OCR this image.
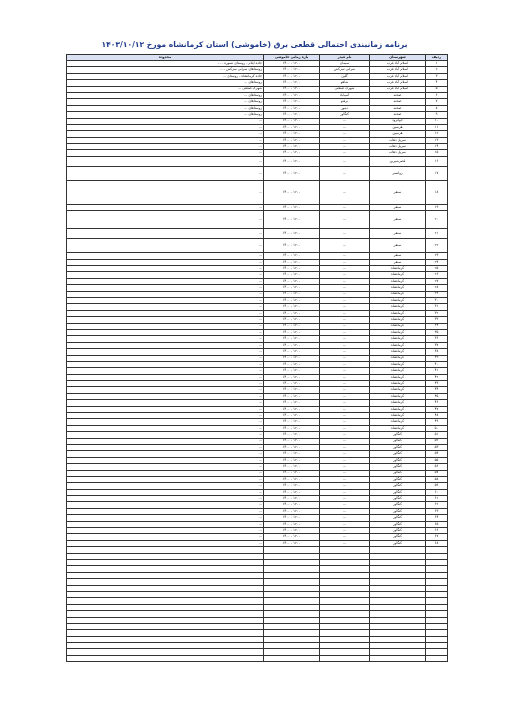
برنامه زمانبندی احتمالی قطعی برق (خاموشی) استان کرمانشاه مورخ ۱۴۰۳/۱۰/۱۲
ردیف	شهرستان	نام فیدر	بازه زمانی خاموشی	محدوده
۱	اسلام آباد غرب	سیمان	۱۴۰۰ - ۱۲۰۰	جاده ایلام - روستای نسوره - ...
۲	اسلام آباد غرب	سرابی سرکش	۱۴۰۰ - ۱۲۰۰	روستاهای سرابی سرکش - ...
۳	اسلام آباد غرب	گلین	۱۴۰۰ - ۱۲۰۰	جاده کرمانشاه - روستای ...
۴	اسلام آباد غرب	شاهو	۱۴۰۰ - ۱۲۰۰	روستاهای ...
۵	اسلام آباد غرب	شهرک صنعتی	۱۴۰۰ - ۱۲۰۰	شهرک صنعتی ...
۶	صحنه	آسیاباد	۱۴۰۰ - ۱۲۰۰	روستاهای ...
۷	صحنه	برفتو	۱۴۰۰ - ۱۲۰۰	روستاهای ...
۸	صحنه	دینور	۱۴۰۰ - ۱۲۰۰	روستاهای ...
۹	صحنه	کنگاور	۱۴۰۰ - ۱۲۰۰	روستاهای ...
۱۰	جوانرود	...	۱۴۰۰ - ۱۲۰۰	...
۱۱	هرسین	...	۱۴۰۰ - ۱۲۰۰	...
۱۲	هرسین	...	۱۴۰۰ - ۱۲۰۰	...
۱۳	سرپل ذهاب	...	۱۴۰۰ - ۱۲۰۰	...
۱۴	سرپل ذهاب	...	۱۴۰۰ - ۱۲۰۰	...
۱۵	سرپل ذهاب	...	۱۴۰۰ - ۱۲۰۰	...
۱۶	قصرشیرین	...	۱۴۰۰ - ۱۲۰۰	...
۱۷	روانسر	...	۱۴۰۰ - ۱۲۰۰	...
۱۸	سنقر	...	۱۴۰۰ - ۱۲۰۰	...
۱۹	سنقر	...	۱۴۰۰ - ۱۲۰۰	...
۲۰	سنقر	...	۱۴۰۰ - ۱۲۰۰	...
۲۱	سنقر	...	۱۴۰۰ - ۱۲۰۰	...
۲۲	سنقر	...	۱۴۰۰ - ۱۲۰۰	...
۲۳	سنقر	...	۱۴۰۰ - ۱۲۰۰	...
۲۴	سنقر	...	۱۴۰۰ - ۱۲۰۰	...
۲۵	کرمانشاه	...	۱۴۰۰ - ۱۲۰۰	...
۲۶	کرمانشاه	...	۱۴۰۰ - ۱۲۰۰	...
۲۷	کرمانشاه	...	۱۴۰۰ - ۱۲۰۰	...
۲۸	کرمانشاه	...	۱۴۰۰ - ۱۲۰۰	...
۲۹	کرمانشاه	...	۱۴۰۰ - ۱۲۰۰	...
۳۰	کرمانشاه	...	۱۴۰۰ - ۱۲۰۰	...
۳۱	کرمانشاه	...	۱۴۰۰ - ۱۲۰۰	...
۳۲	کرمانشاه	...	۱۴۰۰ - ۱۲۰۰	...
۳۳	کرمانشاه	...	۱۴۰۰ - ۱۲۰۰	...
۳۴	کرمانشاه	...	۱۴۰۰ - ۱۲۰۰	...
۳۵	کرمانشاه	...	۱۴۰۰ - ۱۲۰۰	...
۳۶	کرمانشاه	...	۱۴۰۰ - ۱۲۰۰	...
۳۷	کرمانشاه	...	۱۴۰۰ - ۱۲۰۰	...
۳۸	کرمانشاه	...	۱۴۰۰ - ۱۲۰۰	...
۳۹	کرمانشاه	...	۱۴۰۰ - ۱۲۰۰	...
۴۰	کرمانشاه	...	۱۴۰۰ - ۱۲۰۰	...
۴۱	کرمانشاه	...	۱۴۰۰ - ۱۲۰۰	...
۴۲	کرمانشاه	...	۱۴۰۰ - ۱۲۰۰	...
۴۳	کرمانشاه	...	۱۴۰۰ - ۱۲۰۰	...
۴۴	کرمانشاه	...	۱۴۰۰ - ۱۲۰۰	...
۴۵	کرمانشاه	...	۱۴۰۰ - ۱۲۰۰	...
۴۶	کرمانشاه	...	۱۴۰۰ - ۱۲۰۰	...
۴۷	کرمانشاه	...	۱۴۰۰ - ۱۲۰۰	...
۴۸	کرمانشاه	...	۱۴۰۰ - ۱۲۰۰	...
۴۹	کرمانشاه	...	۱۴۰۰ - ۱۲۰۰	...
۵۰	کرمانشاه	...	۱۴۰۰ - ۱۲۰۰	...
۵۱	کنگاور	...	۱۴۰۰ - ۱۲۰۰	...
۵۲	کنگاور	...	۱۴۰۰ - ۱۲۰۰	...
۵۳	کنگاور	...	۱۴۰۰ - ۱۲۰۰	...
۵۴	کنگاور	...	۱۴۰۰ - ۱۲۰۰	...
۵۵	کنگاور	...	۱۴۰۰ - ۱۲۰۰	...
۵۶	کنگاور	...	۱۴۰۰ - ۱۲۰۰	...
۵۷	کنگاور	...	۱۴۰۰ - ۱۲۰۰	...
۵۸	کنگاور	...	۱۴۰۰ - ۱۲۰۰	...
۵۹	کنگاور	...	۱۴۰۰ - ۱۲۰۰	...
۶۰	کنگاور	...	۱۴۰۰ - ۱۲۰۰	...
۶۱	کنگاور	...	۱۴۰۰ - ۱۲۰۰	...
۶۲	کنگاور	...	۱۴۰۰ - ۱۲۰۰	...
۶۳	کنگاور	...	۱۴۰۰ - ۱۲۰۰	...
۶۴	کنگاور	...	۱۴۰۰ - ۱۲۰۰	...
۶۵	کنگاور	...	۱۴۰۰ - ۱۲۰۰	...
۶۶	کنگاور	...	۱۴۰۰ - ۱۲۰۰	...
۶۷	کنگاور	...	۱۴۰۰ - ۱۲۰۰	...
۶۸	کنگاور	...	۱۴۰۰ - ۱۲۰۰	...
